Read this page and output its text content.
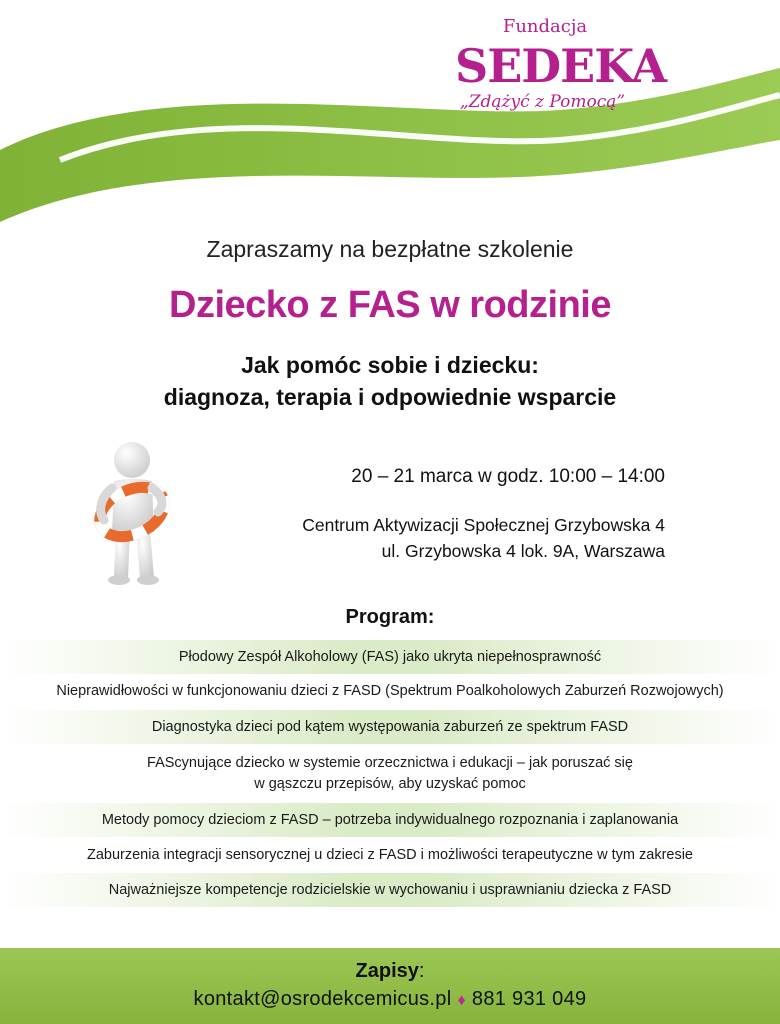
Fundacja
SEDEKA
„Zdążyć z Pomocą”
Zapraszamy na bezpłatne szkolenie
Dziecko z FAS w rodzinie
Jak pomóc sobie i dziecku:
diagnoza, terapia i odpowiednie wsparcie
20 – 21 marca w godz. 10:00 – 14:00
Centrum Aktywizacji Społecznej Grzybowska 4
ul. Grzybowska 4 lok. 9A, Warszawa
Program:
Płodowy Zespół Alkoholowy (FAS) jako ukryta niepełnosprawność
Nieprawidłowości w funkcjonowaniu dzieci z FASD (Spektrum Poalkoholowych Zaburzeń Rozwojowych)
Diagnostyka dzieci pod kątem występowania zaburzeń ze spektrum FASD
FAScynujące dziecko w systemie orzecznictwa i edukacji – jak poruszać się
w gąszczu przepisów, aby uzyskać pomoc
Metody pomocy dzieciom z FASD – potrzeba indywidualnego rozpoznania i zaplanowania
Zaburzenia integracji sensorycznej u dzieci z FASD i możliwości terapeutyczne w tym zakresie
Najważniejsze kompetencje rodzicielskie w wychowaniu i usprawnianiu dziecka z FASD
Zapisy:
kontakt@osrodekcemicus.pl ♦ 881 931 049
